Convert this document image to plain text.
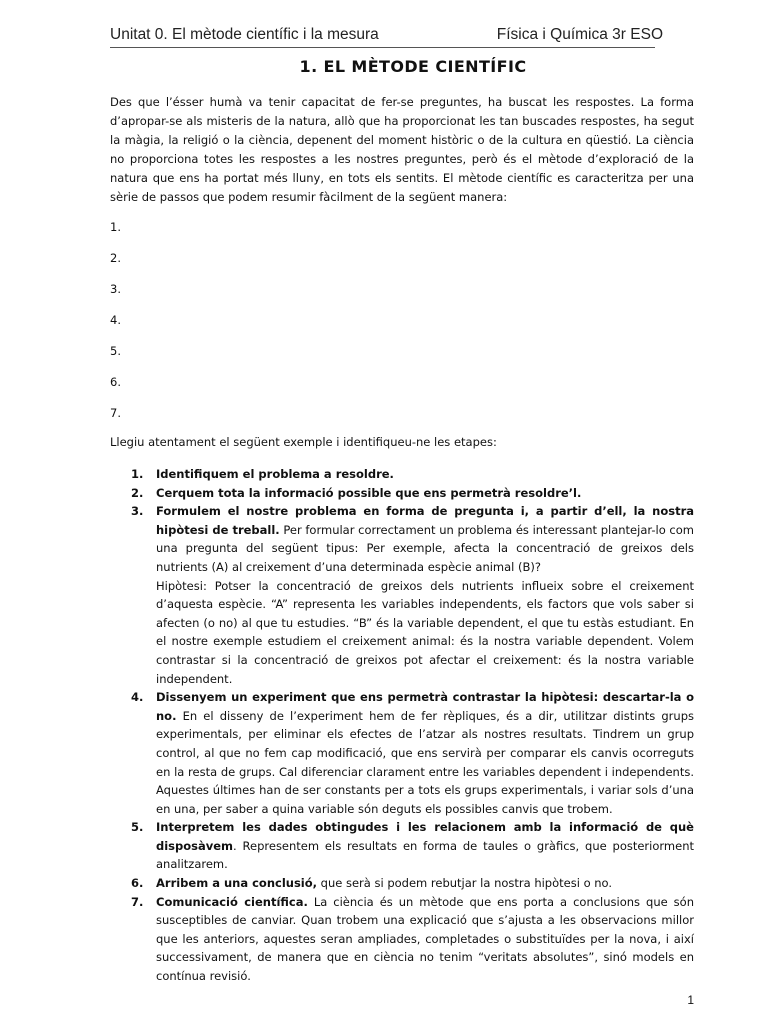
Unitat 0. El mètode científic i la mesura	Física i Química 3r ESO
1. EL MÈTODE CIENTÍFIC

Des que l’ésser humà va tenir capacitat de fer-se preguntes, ha buscat les respostes. La forma d’apropar-se als misteris de la natura, allò que ha proporcionat les tan buscades respostes, ha segut la màgia, la religió o la ciència, depenent del moment històric o de la cultura en qüestió. La ciència no proporciona totes les respostes a les nostres preguntes, però és el mètode d’exploració de la natura que ens ha portat més lluny, en tots els sentits. El mètode científic es caracteritza per una sèrie de passos que podem resumir fàcilment de la següent manera:

1.
2.
3.
4.
5.
6.
7.
Llegiu atentament el següent exemple i identifiqueu-ne les etapes:
1. Identifiquem el problema a resoldre.
2. Cerquem tota la informació possible que ens permetrà resoldre’l.
3. Formulem el nostre problema en forma de pregunta i, a partir d’ell, la nostra hipòtesi de treball. Per formular correctament un problema és interessant plantejar-lo com una pregunta del següent tipus: Per exemple, afecta la concentració de greixos dels nutrients (A) al creixement d’una determinada espècie animal (B)?

Hipòtesi: Potser la concentració de greixos dels nutrients influeix sobre el creixement d’aquesta espècie. “A” representa les variables independents, els factors que vols saber si afecten (o no) al que tu estudies. “B” és la variable dependent, el que tu estàs estudiant. En el nostre exemple estudiem el creixement animal: és la nostra variable dependent. Volem contrastar si la concentració de greixos pot afectar el creixement: és la nostra variable independent.

4. Dissenyem un experiment que ens permetrà contrastar la hipòtesi: descartar-la o no. En el disseny de l’experiment hem de fer rèpliques, és a dir, utilitzar distints grups experimentals, per eliminar els efectes de l’atzar als nostres resultats. Tindrem un grup control, al que no fem cap modificació, que ens servirà per comparar els canvis ocorreguts en la resta de grups. Cal diferenciar clarament entre les variables dependent i independents. Aquestes últimes han de ser constants per a tots els grups experimentals, i variar sols d’una en una, per saber a quina variable són deguts els possibles canvis que trobem.
5. Interpretem les dades obtingudes i les relacionem amb la informació de què disposàvem. Representem els resultats en forma de taules o gràfics, que posteriorment analitzarem.
6. Arribem a una conclusió, que serà si podem rebutjar la nostra hipòtesi o no.
7. Comunicació científica. La ciència és un mètode que ens porta a conclusions que són susceptibles de canviar. Quan trobem una explicació que s’ajusta a les observacions millor que les anteriors, aquestes seran ampliades, completades o substituïdes per la nova, i així successivament, de manera que en ciència no tenim “veritats absolutes”, sinó models en contínua revisió.
1
